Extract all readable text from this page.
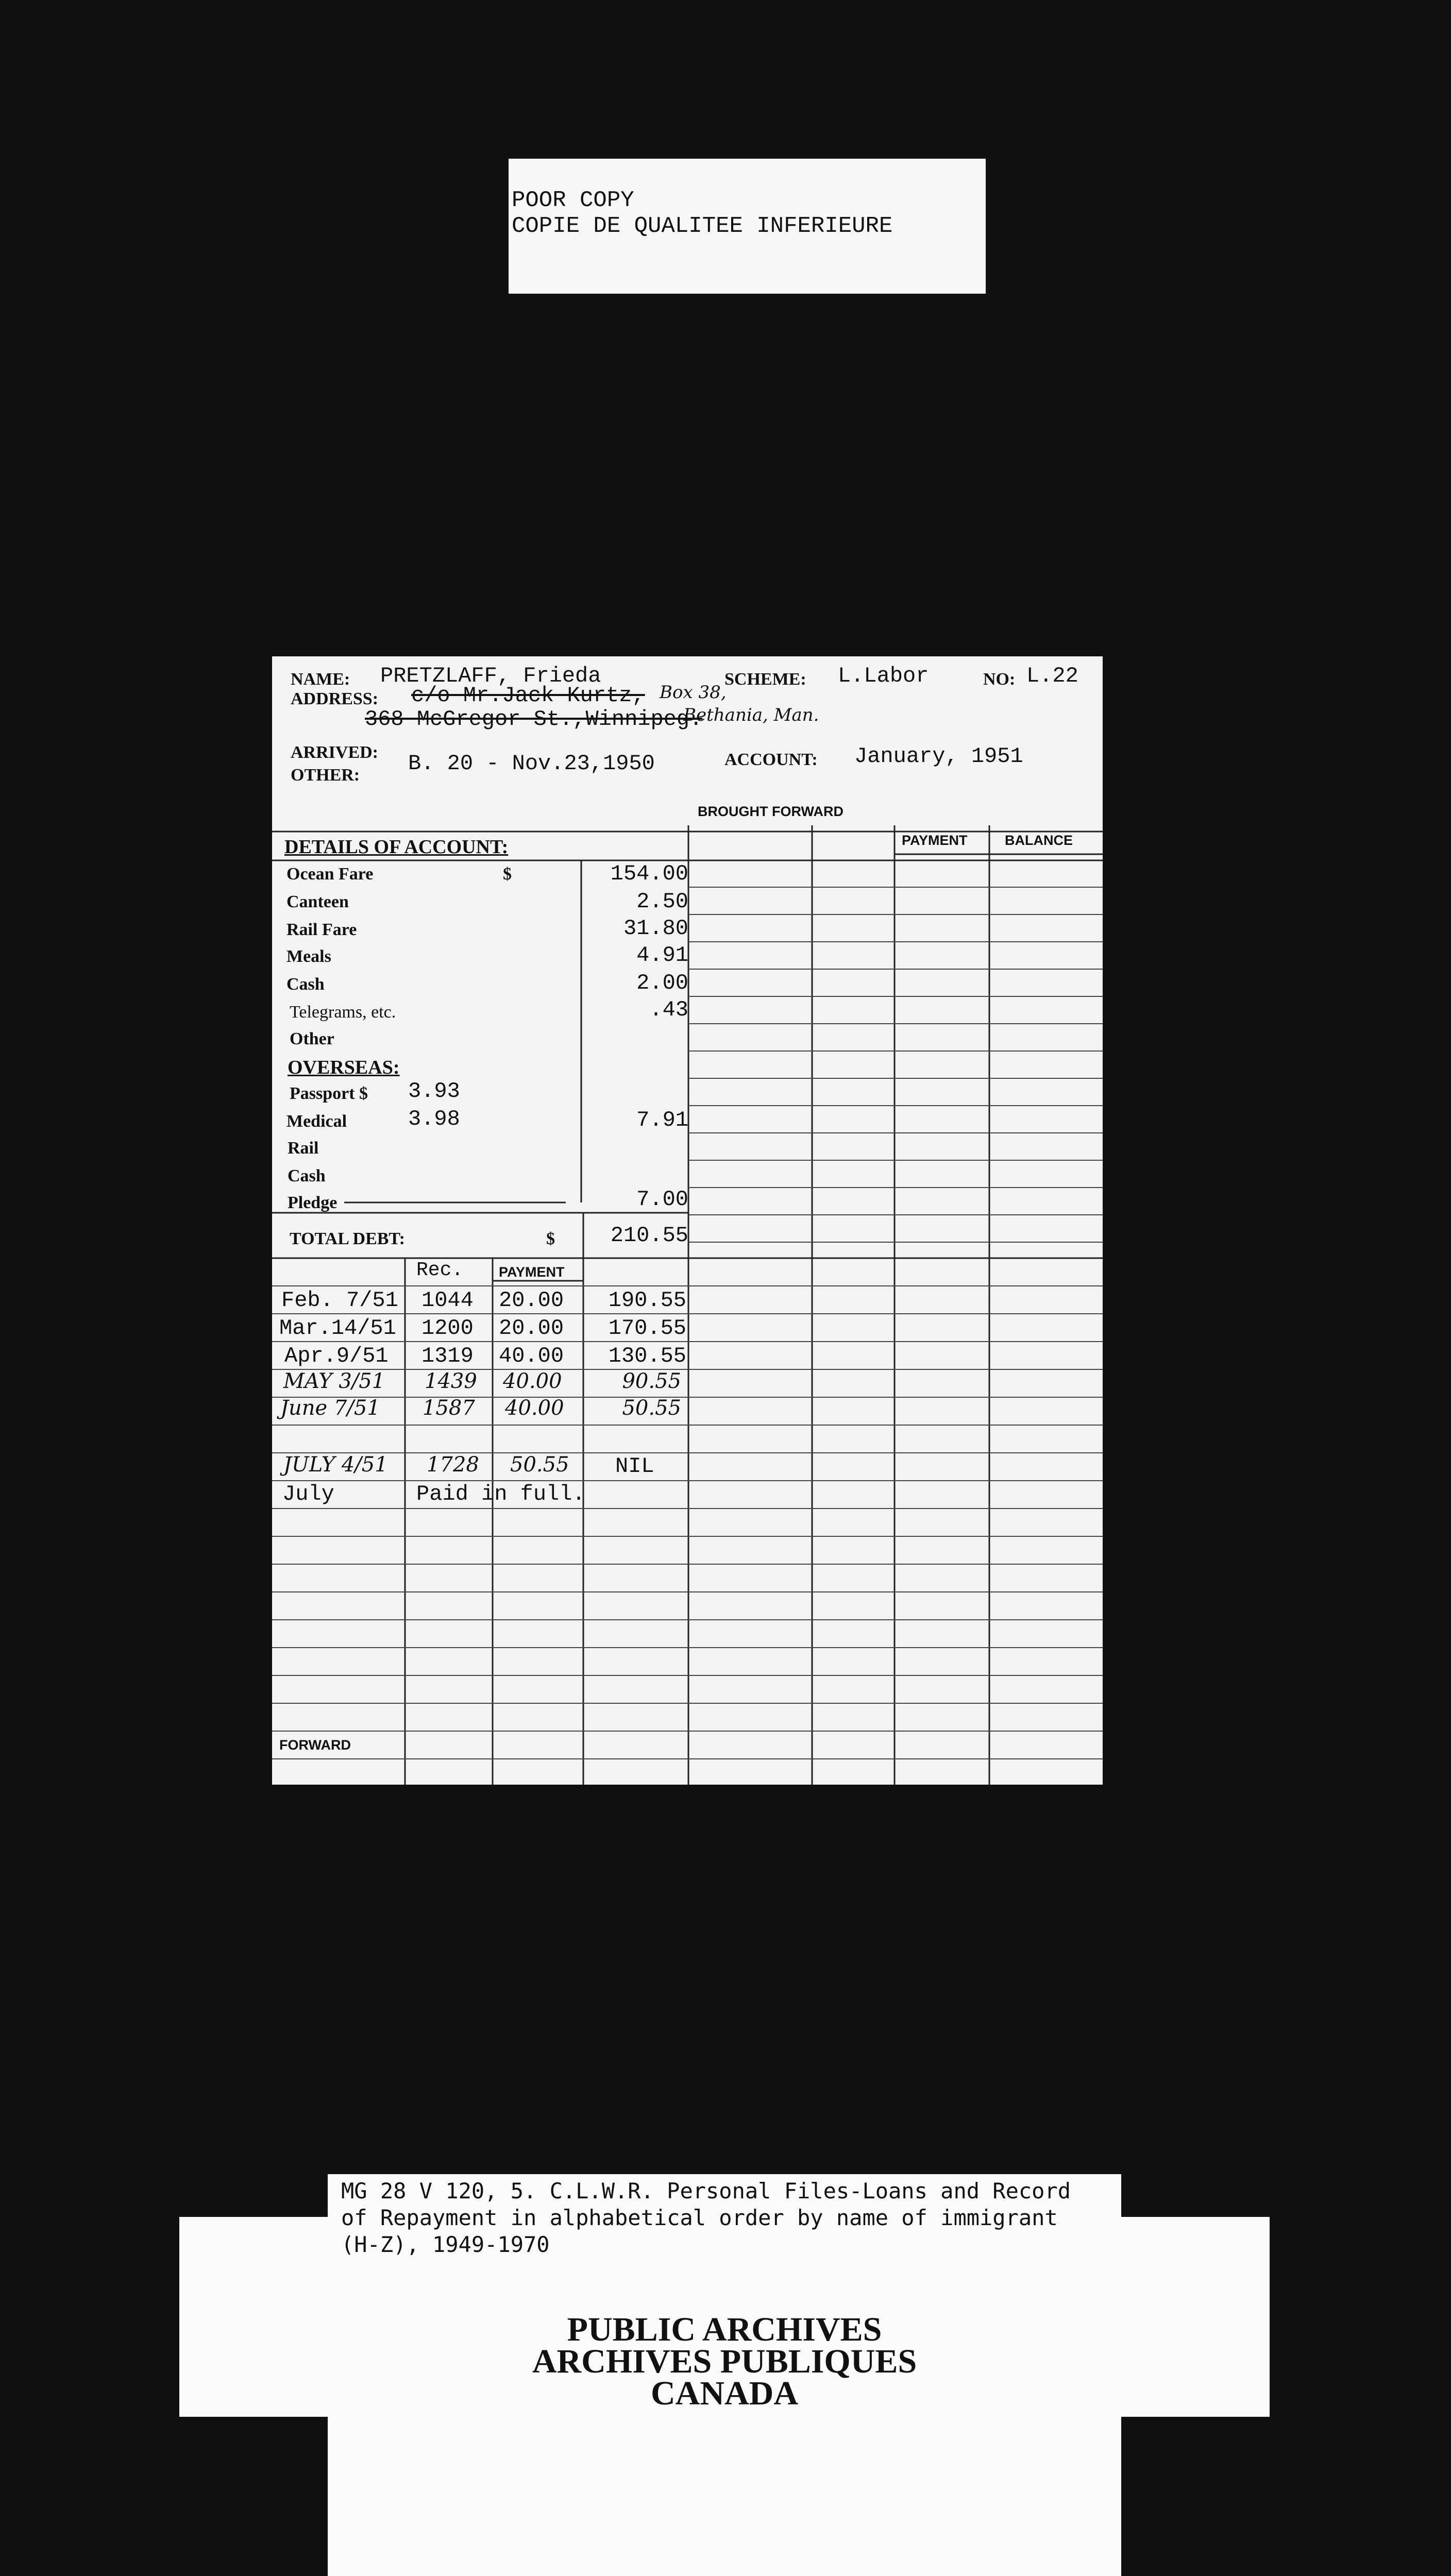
POOR COPY
COPIE DE QUALITEE INFERIEURE
NAME: PRETZLAFF, Frieda	SCHEME: L.Labor	NO: L.22
ADDRESS: c/o Mr.Jack Kurtz, Box 38,
368 McGregor St.,Winnipeg.
Bethania, Man.
ARRIVED:
OTHER: B. 20 - Nov.23,1950	ACCOUNT: January, 1951
BROUGHT FORWARD
PAYMENT	BALANCE
DETAILS OF ACCOUNT:
Ocean Fare	$	154.00
Canteen	2.50
Rail Fare	31.80
Meals	4.91
Cash	2.00
Telegrams, etc.	.43
Other
OVERSEAS:
Passport $ 3.93
Medical	3.98	7.91
Rail
Cash
Pledge	7.00
TOTAL DEBT:	$	210.55
Rec.	PAYMENT
Feb. 7/51 1044 20.00	190.55
Mar.14/51 1200 20.00	170.55
Apr.9/51 1319 40.00	130.55
MAY 3/51 1439 40.00	90.55
June 7/51 1587 40.00	50.55
JULY 4/51 1728 50.55 NIL
July	Paid in full.
FORWARD
MG 28 V 120, 5. C.L.W.R. Personal Files-Loans and Record
of Repayment in alphabetical order by name of immigrant
(H-Z), 1949-1970
PUBLIC ARCHIVES
ARCHIVES PUBLIQUES
CANADA
